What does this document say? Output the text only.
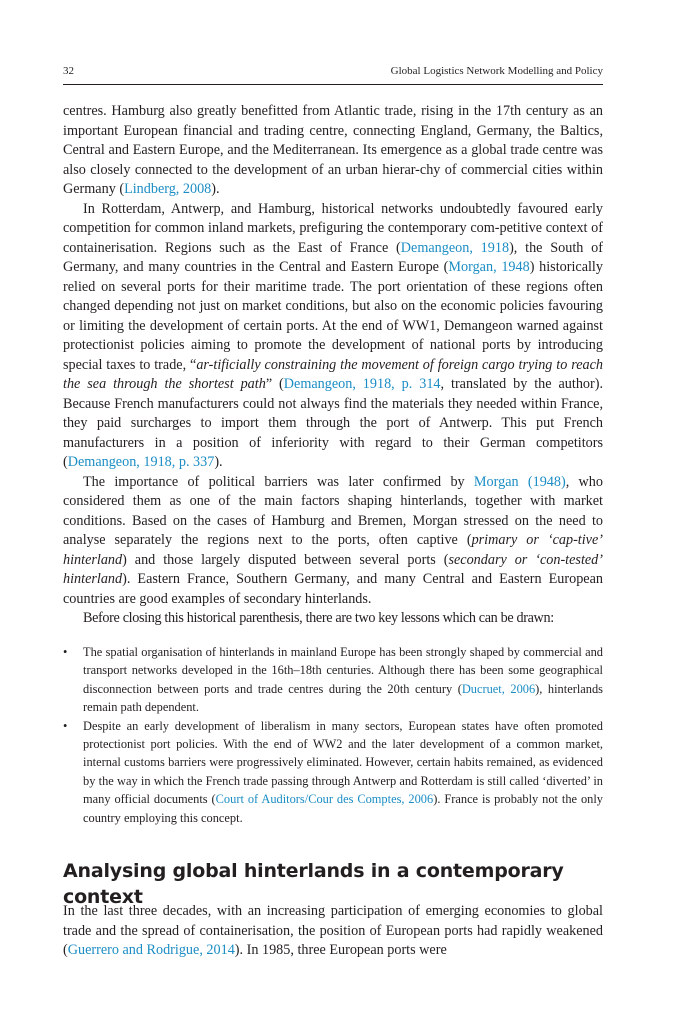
32	Global Logistics Network Modelling and Policy

centres. Hamburg also greatly benefitted from Atlantic trade, rising in the 17th century as an important European financial and trading centre, connecting England, Germany, the Baltics, Central and Eastern Europe, and the Mediterranean. Its emergence as a global trade centre was also closely connected to the development of an urban hierar-chy of commercial cities within Germany (Lindberg, 2008).

In Rotterdam, Antwerp, and Hamburg, historical networks undoubtedly favoured early competition for common inland markets, prefiguring the contemporary com-petitive context of containerisation. Regions such as the East of France (Demangeon, 1918), the South of Germany, and many countries in the Central and Eastern Europe (Morgan, 1948) historically relied on several ports for their maritime trade. The port orientation of these regions often changed depending not just on market conditions, but also on the economic policies favouring or limiting the development of certain ports. At the end of WW1, Demangeon warned against protectionist policies aiming to promote the development of national ports by introducing special taxes to trade, “ar-tificially constraining the movement of foreign cargo trying to reach the sea through the shortest path” (Demangeon, 1918, p. 314, translated by the author). Because French manufacturers could not always find the materials they needed within France, they paid surcharges to import them through the port of Antwerp. This put French manufacturers in a position of inferiority with regard to their German competitors (Demangeon, 1918, p. 337).

The importance of political barriers was later confirmed by Morgan (1948), who considered them as one of the main factors shaping hinterlands, together with market conditions. Based on the cases of Hamburg and Bremen, Morgan stressed on the need to analyse separately the regions next to the ports, often captive (primary or ‘cap-tive’ hinterland) and those largely disputed between several ports (secondary or ‘con-tested’ hinterland). Eastern France, Southern Germany, and many Central and Eastern European countries are good examples of secondary hinterlands.

Before closing this historical parenthesis, there are two key lessons which can be drawn:

• The spatial organisation of hinterlands in mainland Europe has been strongly shaped by commercial and transport networks developed in the 16th–18th centuries. Although there has been some geographical disconnection between ports and trade centres during the 20th century (Ducruet, 2006), hinterlands remain path dependent.
• Despite an early development of liberalism in many sectors, European states have often promoted protectionist port policies. With the end of WW2 and the later development of a common market, internal customs barriers were progressively eliminated. However, certain habits remained, as evidenced by the way in which the French trade passing through Antwerp and Rotterdam is still called ‘diverted’ in many official documents (Court of Auditors/Cour des Comptes, 2006). France is probably not the only country employing this concept.
Analysing global hinterlands in a contemporary context

In the last three decades, with an increasing participation of emerging economies to global trade and the spread of containerisation, the position of European ports had rapidly weakened (Guerrero and Rodrigue, 2014). In 1985, three European ports were
